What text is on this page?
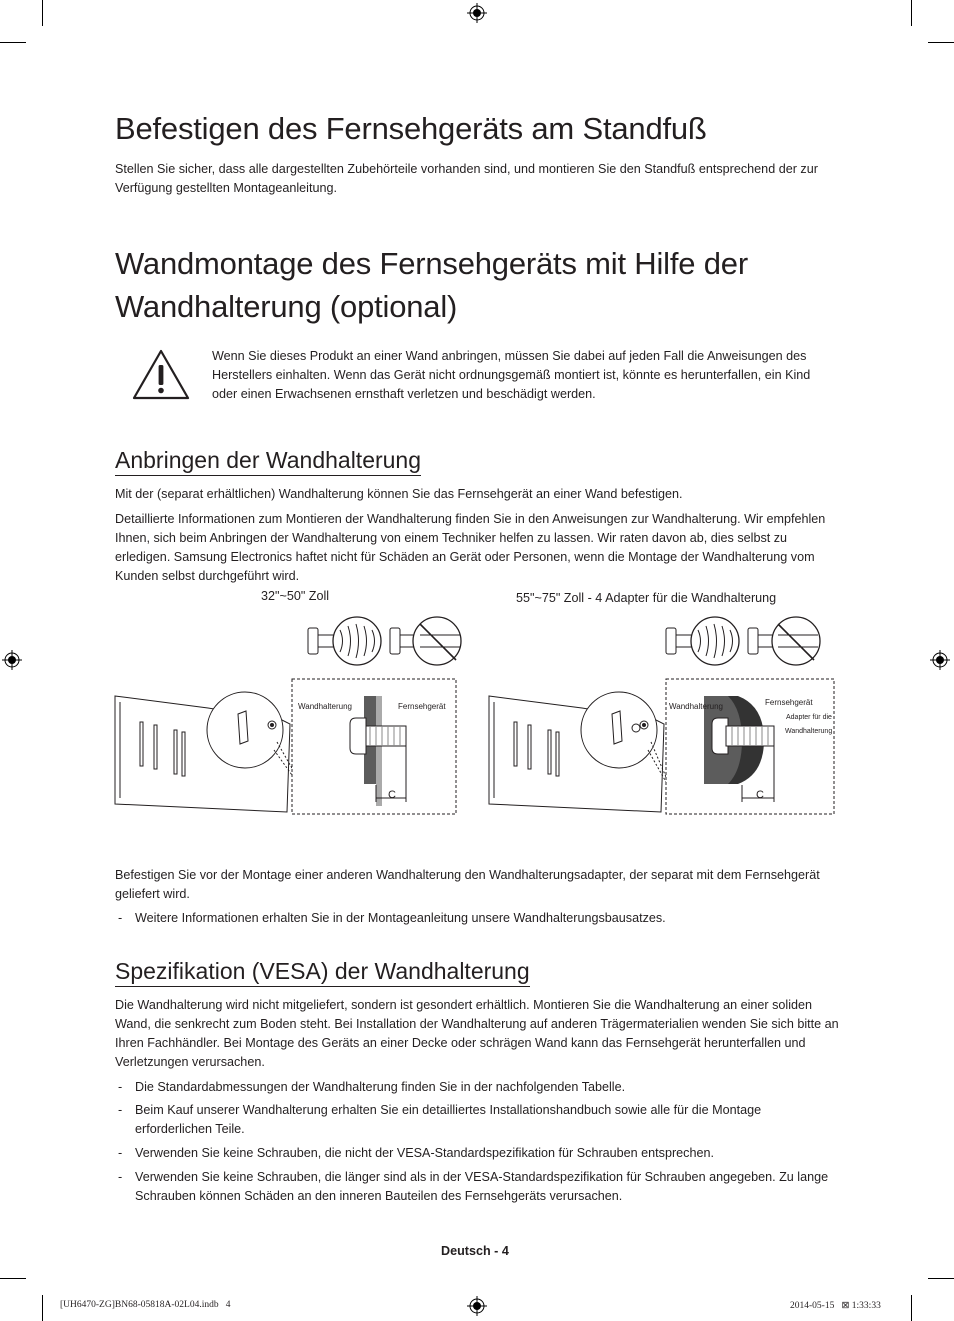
Befestigen des Fernsehgeräts am Standfuß

Stellen Sie sicher, dass alle dargestellten Zubehörteile vorhanden sind, und montieren Sie den Standfuß entsprechend der zur Verfügung gestellten Montageanleitung.

Wandmontage des Fernsehgeräts mit Hilfe der
Wandhalterung (optional)

Wenn Sie dieses Produkt an einer Wand anbringen, müssen Sie dabei auf jeden Fall die Anweisungen des Herstellers einhalten. Wenn das Gerät nicht ordnungsgemäß montiert ist, könnte es herunterfallen, ein Kind oder einen Erwachsenen ernsthaft verletzen und beschädigt werden.

Anbringen der Wandhalterung

Mit der (separat erhältlichen) Wandhalterung können Sie das Fernsehgerät an einer Wand befestigen.

Detaillierte Informationen zum Montieren der Wandhalterung finden Sie in den Anweisungen zur Wandhalterung. Wir empfehlen Ihnen, sich beim Anbringen der Wandhalterung von einem Techniker helfen zu lassen. Wir raten davon ab, dies selbst zu erledigen. Samsung Electronics haftet nicht für Schäden an Gerät oder Personen, wenn die Montage der Wandhalterung vom Kunden selbst durchgeführt wird.

32"~50" Zoll	55"~75" Zoll - 4 Adapter für die Wandhalterung
Wandhalterung	Fernsehgerät
C
Wandhalterung	Fernsehgerät
Adapter für die
Wandhalterung
C

Befestigen Sie vor der Montage einer anderen Wandhalterung den Wandhalterungsadapter, der separat mit dem Fernsehgerät geliefert wird.

- Weitere Informationen erhalten Sie in der Montageanleitung unsere Wandhalterungsbausatzes.
Spezifikation (VESA) der Wandhalterung

Die Wandhalterung wird nicht mitgeliefert, sondern ist gesondert erhältlich. Montieren Sie die Wandhalterung an einer soliden Wand, die senkrecht zum Boden steht. Bei Installation der Wandhalterung auf anderen Trägermaterialien wenden Sie sich bitte an Ihren Fachhändler. Bei Montage des Geräts an einer Decke oder schrägen Wand kann das Fernsehgerät herunterfallen und Verletzungen verursachen.

- Die Standardabmessungen der Wandhalterung finden Sie in der nachfolgenden Tabelle.
- Beim Kauf unserer Wandhalterung erhalten Sie ein detailliertes Installationshandbuch sowie alle für die Montage erforderlichen Teile.
- Verwenden Sie keine Schrauben, die nicht der VESA-Standardspezifikation für Schrauben entsprechen.
- Verwenden Sie keine Schrauben, die länger sind als in der VESA-Standardspezifikation für Schrauben angegeben. Zu lange Schrauben können Schäden an den inneren Bauteilen des Fernsehgeräts verursachen.
Deutsch - 4
[UH6470-ZG]BN68-05818A-02L04.indb   4	2014-05-15   ⊠ 1:33:33
